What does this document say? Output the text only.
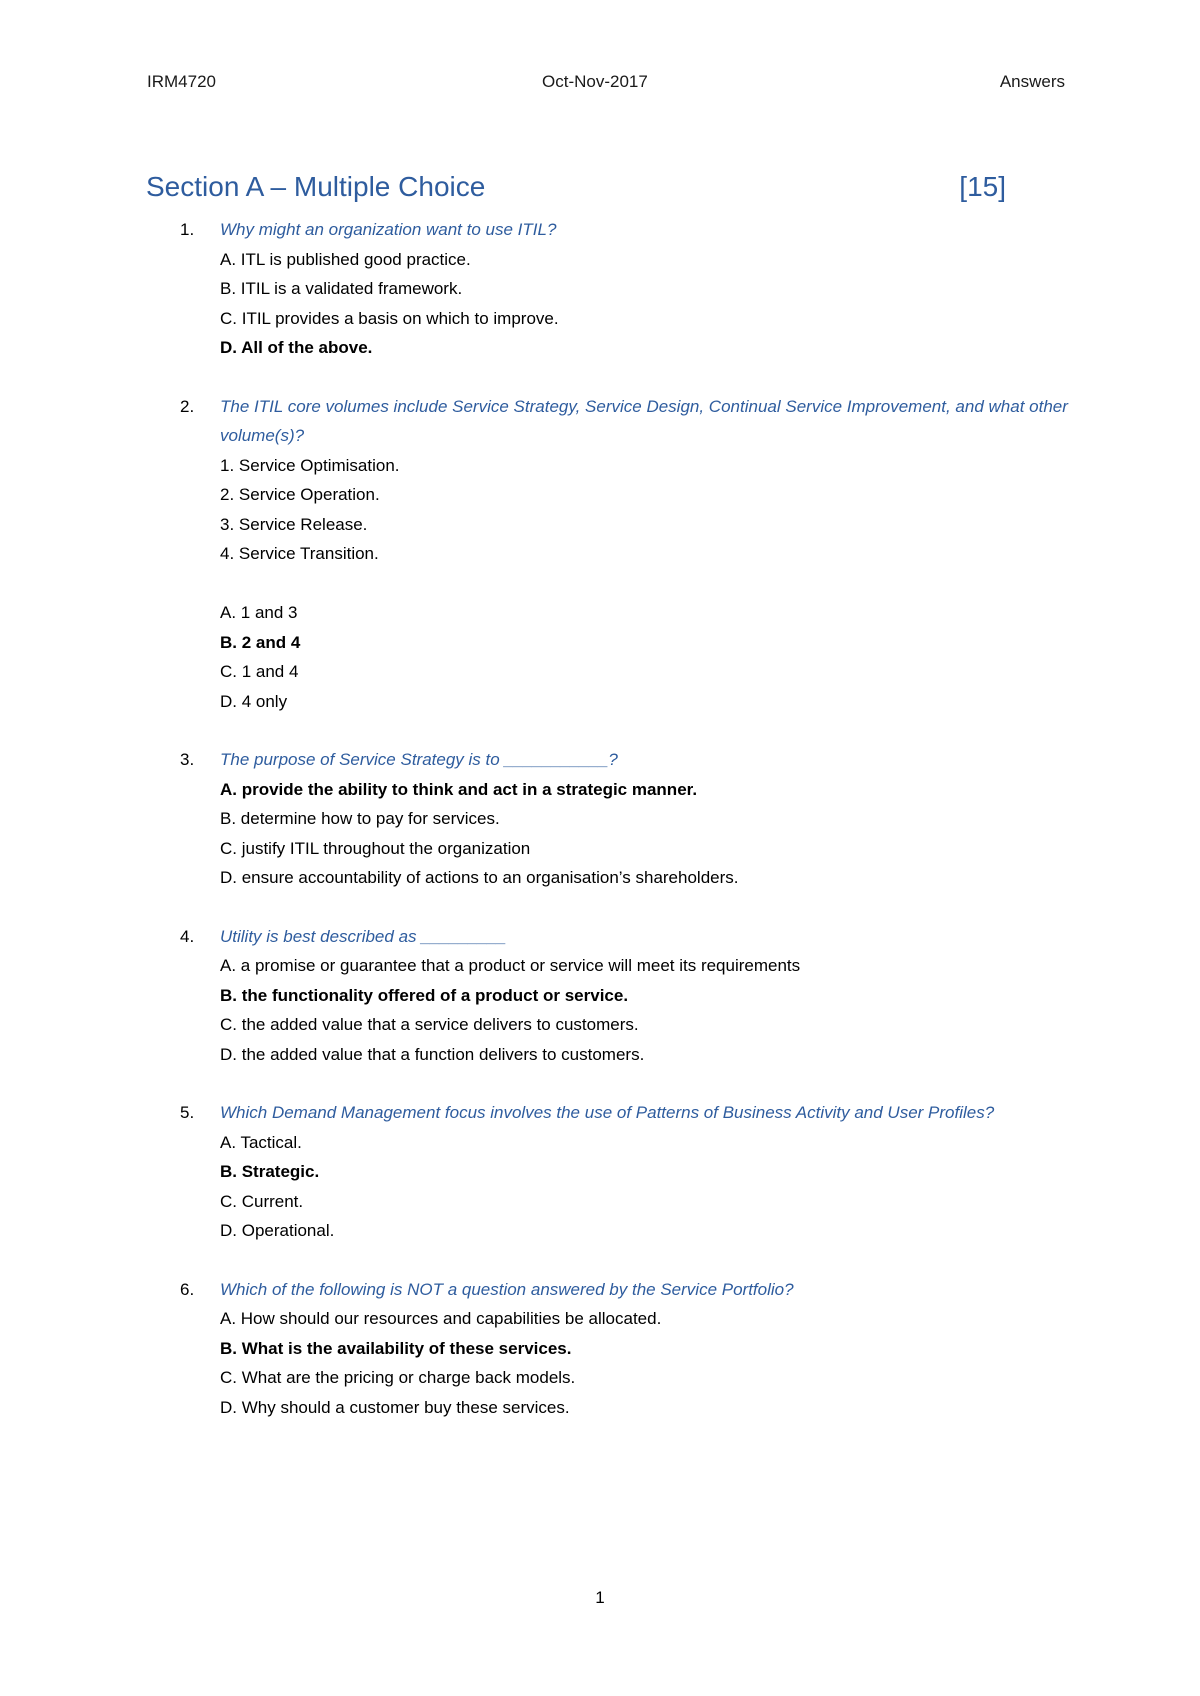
IRM4720	Oct-Nov-2017	Answers
Section A – Multiple Choice	[15]
1. Why might an organization want to use ITIL?
A. ITL is published good practice.
B. ITIL is a validated framework.
C. ITIL provides a basis on which to improve.
D. All of the above.
2. The ITIL core volumes include Service Strategy, Service Design, Continual Service Improvement, and what other volume(s)?
1. Service Optimisation.
2. Service Operation.
3. Service Release.
4. Service Transition.
A. 1 and 3
B. 2 and 4
C. 1 and 4
D. 4 only
3. The purpose of Service Strategy is to ___________?
A. provide the ability to think and act in a strategic manner.
B. determine how to pay for services.
C. justify ITIL throughout the organization
D. ensure accountability of actions to an organisation’s shareholders.
4. Utility is best described as _________
A. a promise or guarantee that a product or service will meet its requirements
B. the functionality offered of a product or service.
C. the added value that a service delivers to customers.
D. the added value that a function delivers to customers.
5. Which Demand Management focus involves the use of Patterns of Business Activity and User Profiles?
A. Tactical.
B. Strategic.
C. Current.
D. Operational.
6. Which of the following is NOT a question answered by the Service Portfolio?
A. How should our resources and capabilities be allocated.
B. What is the availability of these services.
C. What are the pricing or charge back models.
D. Why should a customer buy these services.
1
